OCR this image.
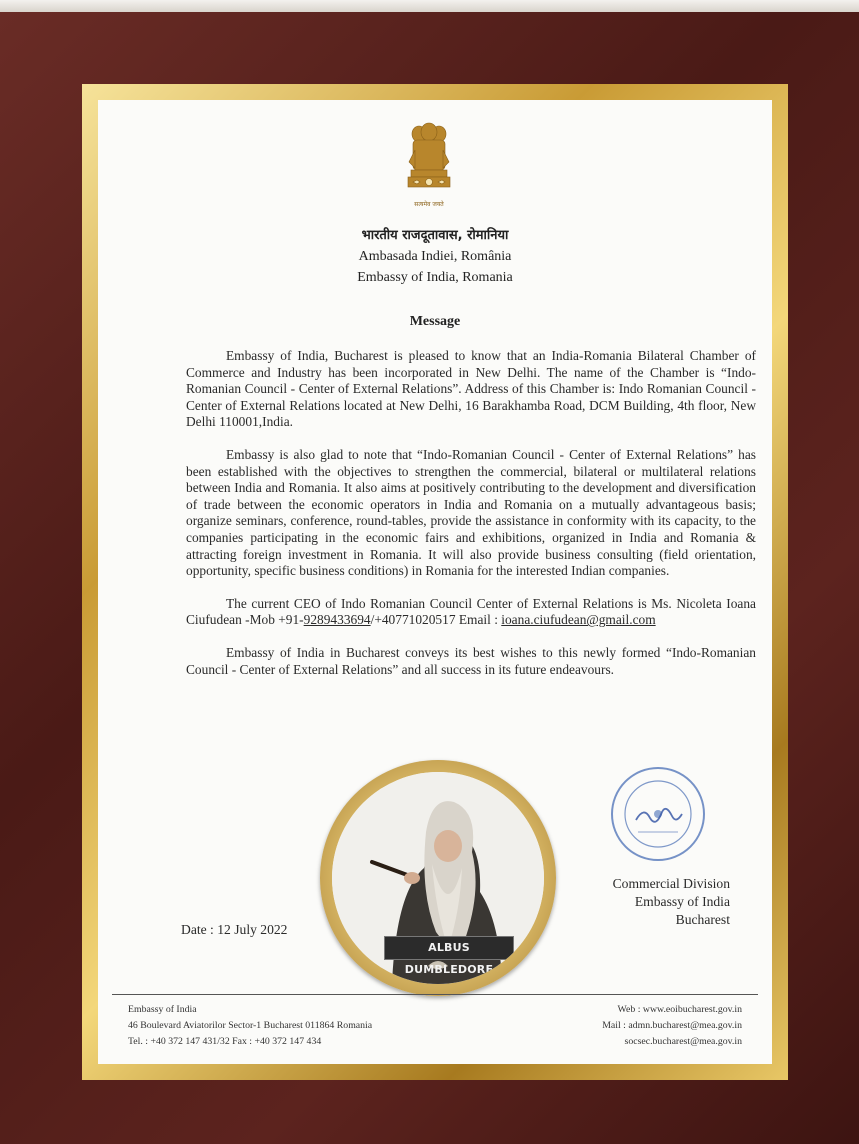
सत्यमेव जयते
भारतीय राजदूतावास, रोमानिया
Ambasada Indiei, România
Embassy of India, Romania
Message

Embassy of India, Bucharest is pleased to know that an India-Romania Bilateral Chamber of Commerce and Industry has been incorporated in New Delhi. The name of the Chamber is “Indo-Romanian Council - Center of External Relations”. Address of this Chamber is: Indo Romanian Council - Center of External Relations located at New Delhi, 16 Barakhamba Road, DCM Building, 4th floor, New Delhi 110001,India.

Embassy is also glad to note that “Indo-Romanian Council - Center of External Relations” has been established with the objectives to strengthen the commercial, bilateral or multilateral relations between India and Romania. It also aims at positively contributing to the development and diversification of trade between the economic operators in India and Romania on a mutually advantageous basis; organize seminars, conference, round-tables, provide the assistance in conformity with its capacity, to the companies participating in the economic fairs and exhibitions, organized in India and Romania & attracting foreign investment in Romania. It will also provide business consulting (field orientation, opportunity, specific business conditions) in Romania for the interested Indian companies.

The current CEO of Indo Romanian Council Center of External Relations is Ms. Nicoleta Ioana Ciufudean -Mob +91-9289433694/+40771020517 Email : ioana.ciufudean@gmail.com

Embassy of India in Bucharest conveys its best wishes to this newly formed “Indo-Romanian Council - Center of External Relations” and all success in its future endeavours.

ALBUS DUMBLEDORE
Commercial Division
Embassy of India
Bucharest
Date : 12 July 2022
Embassy of India
46 Boulevard Aviatorilor Sector-1 Bucharest 011864 Romania
Tel. : +40 372 147 431/32 Fax : +40 372 147 434
Web : www.eoibucharest.gov.in
Mail : admn.bucharest@mea.gov.in
socsec.bucharest@mea.gov.in
